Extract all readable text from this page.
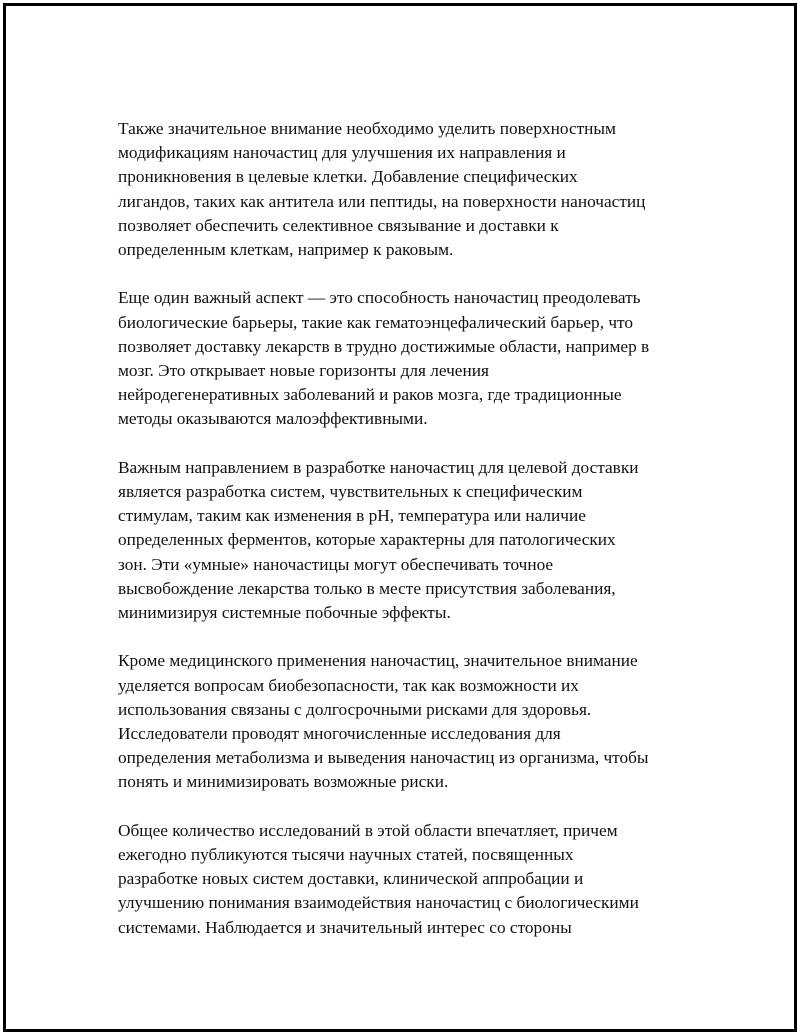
Также значительное внимание необходимо уделить поверхностным
модификациям наночастиц для улучшения их направления и
проникновения в целевые клетки. Добавление специфических
лигандов, таких как антитела или пептиды, на поверхности наночастиц
позволяет обеспечить селективное связывание и доставки к
определенным клеткам, например к раковым.

Еще один важный аспект — это способность наночастиц преодолевать
биологические барьеры, такие как гематоэнцефалический барьер, что
позволяет доставку лекарств в трудно достижимые области, например в
мозг. Это открывает новые горизонты для лечения
нейродегенеративных заболеваний и раков мозга, где традиционные
методы оказываются малоэффективными.

Важным направлением в разработке наночастиц для целевой доставки
является разработка систем, чувствительных к специфическим
стимулам, таким как изменения в pH, температура или наличие
определенных ферментов, которые характерны для патологических
зон. Эти «умные» наночастицы могут обеспечивать точное
высвобождение лекарства только в месте присутствия заболевания,
минимизируя системные побочные эффекты.

Кроме медицинского применения наночастиц, значительное внимание
уделяется вопросам биобезопасности, так как возможности их
использования связаны с долгосрочными рисками для здоровья.
Исследователи проводят многочисленные исследования для
определения метаболизма и выведения наночастиц из организма, чтобы
понять и минимизировать возможные риски.

Общее количество исследований в этой области впечатляет, причем
ежегодно публикуются тысячи научных статей, посвященных
разработке новых систем доставки, клинической аппробации и
улучшению понимания взаимодействия наночастиц с биологическими
системами. Наблюдается и значительный интерес со стороны
